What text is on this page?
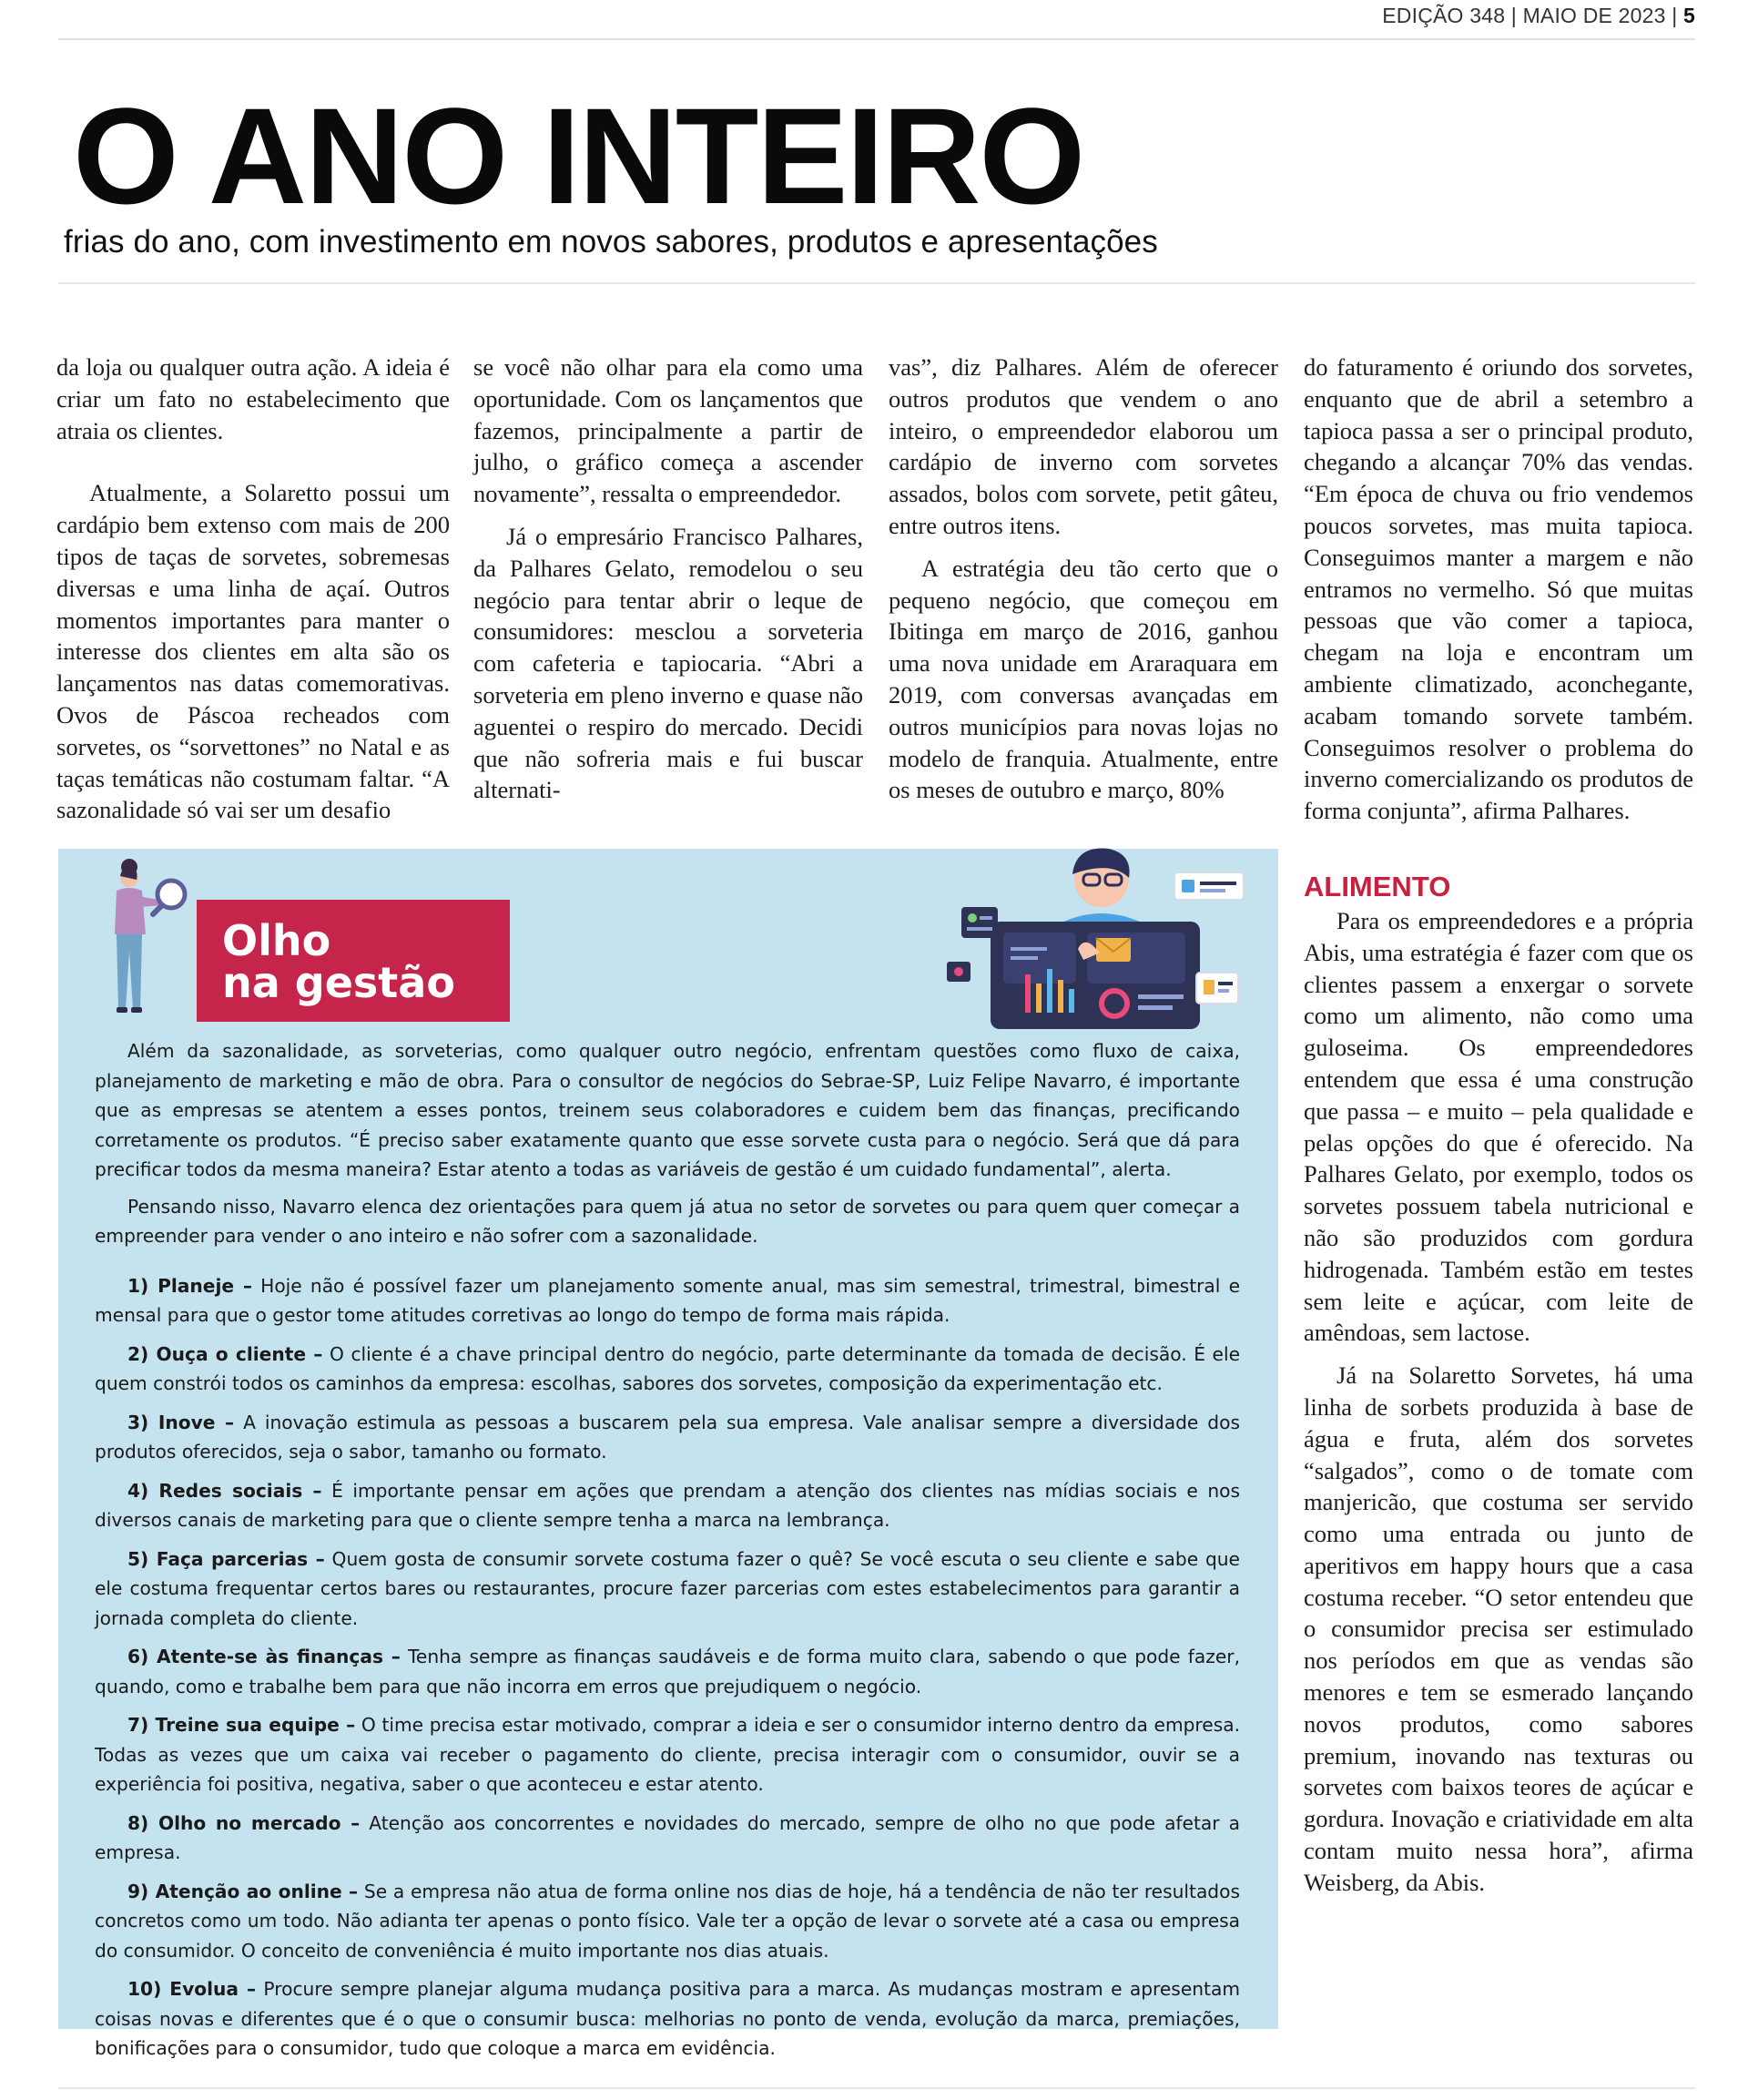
EDIÇÃO 348 | MAIO DE 2023 | 5
O ANO INTEIRO
frias do ano, com investimento em novos sabores, produtos e apresentações

da loja ou qualquer outra ação. A ideia é criar um fato no estabelecimento que atraia os clientes.

Atualmente, a Solaretto possui um cardápio bem extenso com mais de 200 tipos de taças de sorvetes, sobremesas diversas e uma linha de açaí. Outros momentos importantes para manter o interesse dos clientes em alta são os lançamentos nas datas comemorativas. Ovos de Páscoa recheados com sorvetes, os “sorvettones” no Natal e as taças temáticas não costumam faltar. “A sazonalidade só vai ser um desafio

se você não olhar para ela como uma oportunidade. Com os lançamentos que fazemos, principalmente a partir de julho, o gráfico começa a ascender novamente”, ressalta o empreendedor.

Já o empresário Francisco Palhares, da Palhares Gelato, remodelou o seu negócio para tentar abrir o leque de consumidores: mesclou a sorveteria com cafeteria e tapiocaria. “Abri a sorveteria em pleno inverno e quase não aguentei o respiro do mercado. Decidi que não sofreria mais e fui buscar alternati-

vas”, diz Palhares. Além de oferecer outros produtos que vendem o ano inteiro, o empreendedor elaborou um cardápio de inverno com sorvetes assados, bolos com sorvete, petit gâteu, entre outros itens.

A estratégia deu tão certo que o pequeno negócio, que começou em Ibitinga em março de 2016, ganhou uma nova unidade em Araraquara em 2019, com conversas avançadas em outros municípios para novas lojas no modelo de franquia. Atualmente, entre os meses de outubro e março, 80%

do faturamento é oriundo dos sorvetes, enquanto que de abril a setembro a tapioca passa a ser o principal produto, chegando a alcançar 70% das vendas. “Em época de chuva ou frio vendemos poucos sorvetes, mas muita tapioca. Conseguimos manter a margem e não entramos no vermelho. Só que muitas pessoas que vão comer a tapioca, chegam na loja e encontram um ambiente climatizado, aconchegante, acabam tomando sorvete também. Conseguimos resolver o problema do inverno comercializando os produtos de forma conjunta”, afirma Palhares.

ALIMENTO

Para os empreendedores e a própria Abis, uma estratégia é fazer com que os clientes passem a enxergar o sorvete como um alimento, não como uma guloseima. Os empreendedores entendem que essa é uma construção que passa – e muito – pela qualidade e pelas opções do que é oferecido. Na Palhares Gelato, por exemplo, todos os sorvetes possuem tabela nutricional e não são produzidos com gordura hidrogenada. Também estão em testes sem leite e açúcar, com leite de amêndoas, sem lactose.

Já na Solaretto Sorvetes, há uma linha de sorbets produzida à base de água e fruta, além dos sorvetes “salgados”, como o de tomate com manjericão, que costuma ser servido como uma entrada ou junto de aperitivos em happy hours que a casa costuma receber. “O setor entendeu que o consumidor precisa ser estimulado nos períodos em que as vendas são menores e tem se esmerado lançando novos produtos, como sabores premium, inovando nas texturas ou sorvetes com baixos teores de açúcar e gordura. Inovação e criatividade em alta contam muito nessa hora”, afirma Weisberg, da Abis.

Olho
na gestão

Além da sazonalidade, as sorveterias, como qualquer outro negócio, enfrentam questões como fluxo de caixa, planejamento de marketing e mão de obra. Para o consultor de negócios do Sebrae-SP, Luiz Felipe Navarro, é importante que as empresas se atentem a esses pontos, treinem seus colaboradores e cuidem bem das finanças, precificando corretamente os produtos. “É preciso saber exatamente quanto que esse sorvete custa para o negócio. Será que dá para precificar todos da mesma maneira? Estar atento a todas as variáveis de gestão é um cuidado fundamental”, alerta.

Pensando nisso, Navarro elenca dez orientações para quem já atua no setor de sorvetes ou para quem quer começar a empreender para vender o ano inteiro e não sofrer com a sazonalidade.

1) Planeje – Hoje não é possível fazer um planejamento somente anual, mas sim semestral, trimestral, bimestral e mensal para que o gestor tome atitudes corretivas ao longo do tempo de forma mais rápida.

2) Ouça o cliente – O cliente é a chave principal dentro do negócio, parte determinante da tomada de decisão. É ele quem constrói todos os caminhos da empresa: escolhas, sabores dos sorvetes, composição da experimentação etc.

3) Inove – A inovação estimula as pessoas a buscarem pela sua empresa. Vale analisar sempre a diversidade dos produtos oferecidos, seja o sabor, tamanho ou formato.

4) Redes sociais – É importante pensar em ações que prendam a atenção dos clientes nas mídias sociais e nos diversos canais de marketing para que o cliente sempre tenha a marca na lembrança.

5) Faça parcerias – Quem gosta de consumir sorvete costuma fazer o quê? Se você escuta o seu cliente e sabe que ele costuma frequentar certos bares ou restaurantes, procure fazer parcerias com estes estabelecimentos para garantir a jornada completa do cliente.

6) Atente-se às finanças – Tenha sempre as finanças saudáveis e de forma muito clara, sabendo o que pode fazer, quando, como e trabalhe bem para que não incorra em erros que prejudiquem o negócio.

7) Treine sua equipe – O time precisa estar motivado, comprar a ideia e ser o consumidor interno dentro da empresa. Todas as vezes que um caixa vai receber o pagamento do cliente, precisa interagir com o consumidor, ouvir se a experiência foi positiva, negativa, saber o que aconteceu e estar atento.

8) Olho no mercado – Atenção aos concorrentes e novidades do mercado, sempre de olho no que pode afetar a empresa.

9) Atenção ao online – Se a empresa não atua de forma online nos dias de hoje, há a tendência de não ter resultados concretos como um todo. Não adianta ter apenas o ponto físico. Vale ter a opção de levar o sorvete até a casa ou empresa do consumidor. O conceito de conveniência é muito importante nos dias atuais.

10) Evolua – Procure sempre planejar alguma mudança positiva para a marca. As mudanças mostram e apresentam coisas novas e diferentes que é o que o consumir busca: melhorias no ponto de venda, evolução da marca, premiações, bonificações para o consumidor, tudo que coloque a marca em evidência.
